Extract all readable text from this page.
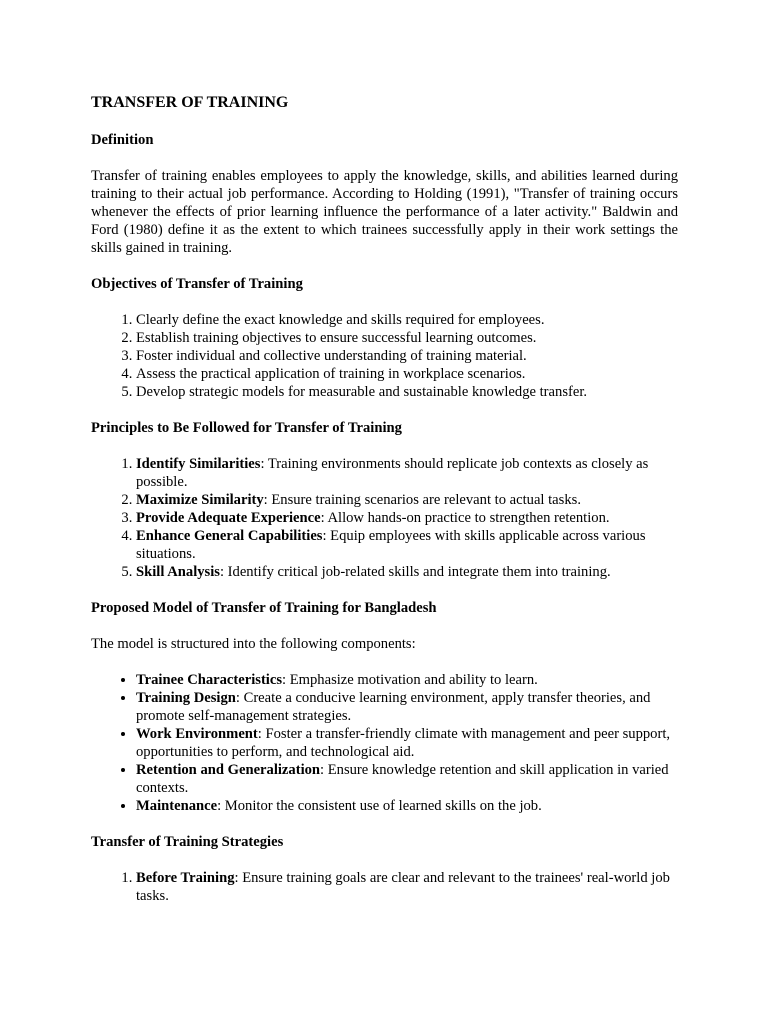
TRANSFER OF TRAINING
Definition

Transfer of training enables employees to apply the knowledge, skills, and abilities learned during training to their actual job performance. According to Holding (1991), "Transfer of training occurs whenever the effects of prior learning influence the performance of a later activity." Baldwin and Ford (1980) define it as the extent to which trainees successfully apply in their work settings the skills gained in training.

Objectives of Transfer of Training
1. Clearly define the exact knowledge and skills required for employees.
2. Establish training objectives to ensure successful learning outcomes.
3. Foster individual and collective understanding of training material.
4. Assess the practical application of training in workplace scenarios.
5. Develop strategic models for measurable and sustainable knowledge transfer.
Principles to Be Followed for Transfer of Training
1. Identify Similarities: Training environments should replicate job contexts as closely as possible.
2. Maximize Similarity: Ensure training scenarios are relevant to actual tasks.
3. Provide Adequate Experience: Allow hands-on practice to strengthen retention.
4. Enhance General Capabilities: Equip employees with skills applicable across various situations.
5. Skill Analysis: Identify critical job-related skills and integrate them into training.
Proposed Model of Transfer of Training for Bangladesh

The model is structured into the following components:

• Trainee Characteristics: Emphasize motivation and ability to learn.
• Training Design: Create a conducive learning environment, apply transfer theories, and promote self-management strategies.
• Work Environment: Foster a transfer-friendly climate with management and peer support, opportunities to perform, and technological aid.
• Retention and Generalization: Ensure knowledge retention and skill application in varied contexts.
• Maintenance: Monitor the consistent use of learned skills on the job.
Transfer of Training Strategies
1. Before Training: Ensure training goals are clear and relevant to the trainees' real-world job tasks.
